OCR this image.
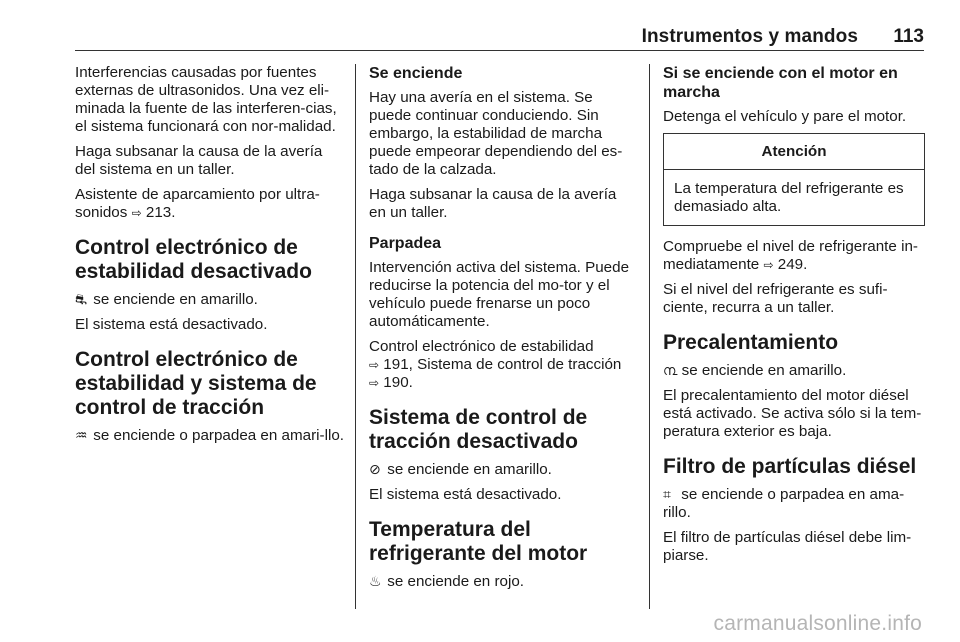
Instrumentos y mandos 113

Interferencias causadas por fuentes externas de ultrasonidos. Una vez eli-minada la fuente de las interferen-cias, el sistema funcionará con nor-malidad.

Haga subsanar la causa de la avería del sistema en un taller.

Asistente de aparcamiento por ultra-sonidos ⇨ 213.

Control electrónico de estabilidad desactivado

⛐ se enciende en amarillo.

El sistema está desactivado.

Control electrónico de estabilidad y sistema de control de tracción

♒ se enciende o parpadea en amari-llo.

Se enciende

Hay una avería en el sistema. Se puede continuar conduciendo. Sin embargo, la estabilidad de marcha puede empeorar dependiendo del es-tado de la calzada.

Haga subsanar la causa de la avería en un taller.

Parpadea

Intervención activa del sistema. Puede reducirse la potencia del mo-tor y el vehículo puede frenarse un poco automáticamente.

Control electrónico de estabilidad
⇨ 191, Sistema de control de tracción
⇨ 190.

Sistema de control de tracción desactivado

⊘ se enciende en amarillo.

El sistema está desactivado.

Temperatura del refrigerante del motor

♨ se enciende en rojo.

Si se enciende con el motor en marcha

Detenga el vehículo y pare el motor.

Atención
La temperatura del refrigerante es demasiado alta.

Compruebe el nivel de refrigerante in-mediatamente ⇨ 249.

Si el nivel del refrigerante es sufi-ciente, recurra a un taller.

Precalentamiento

൩ se enciende en amarillo.

El precalentamiento del motor diésel está activado. Se activa sólo si la tem-peratura exterior es baja.

Filtro de partículas diésel

⌗ se enciende o parpadea en ama-rillo.

El filtro de partículas diésel debe lim-piarse.

carmanualsonline.info
